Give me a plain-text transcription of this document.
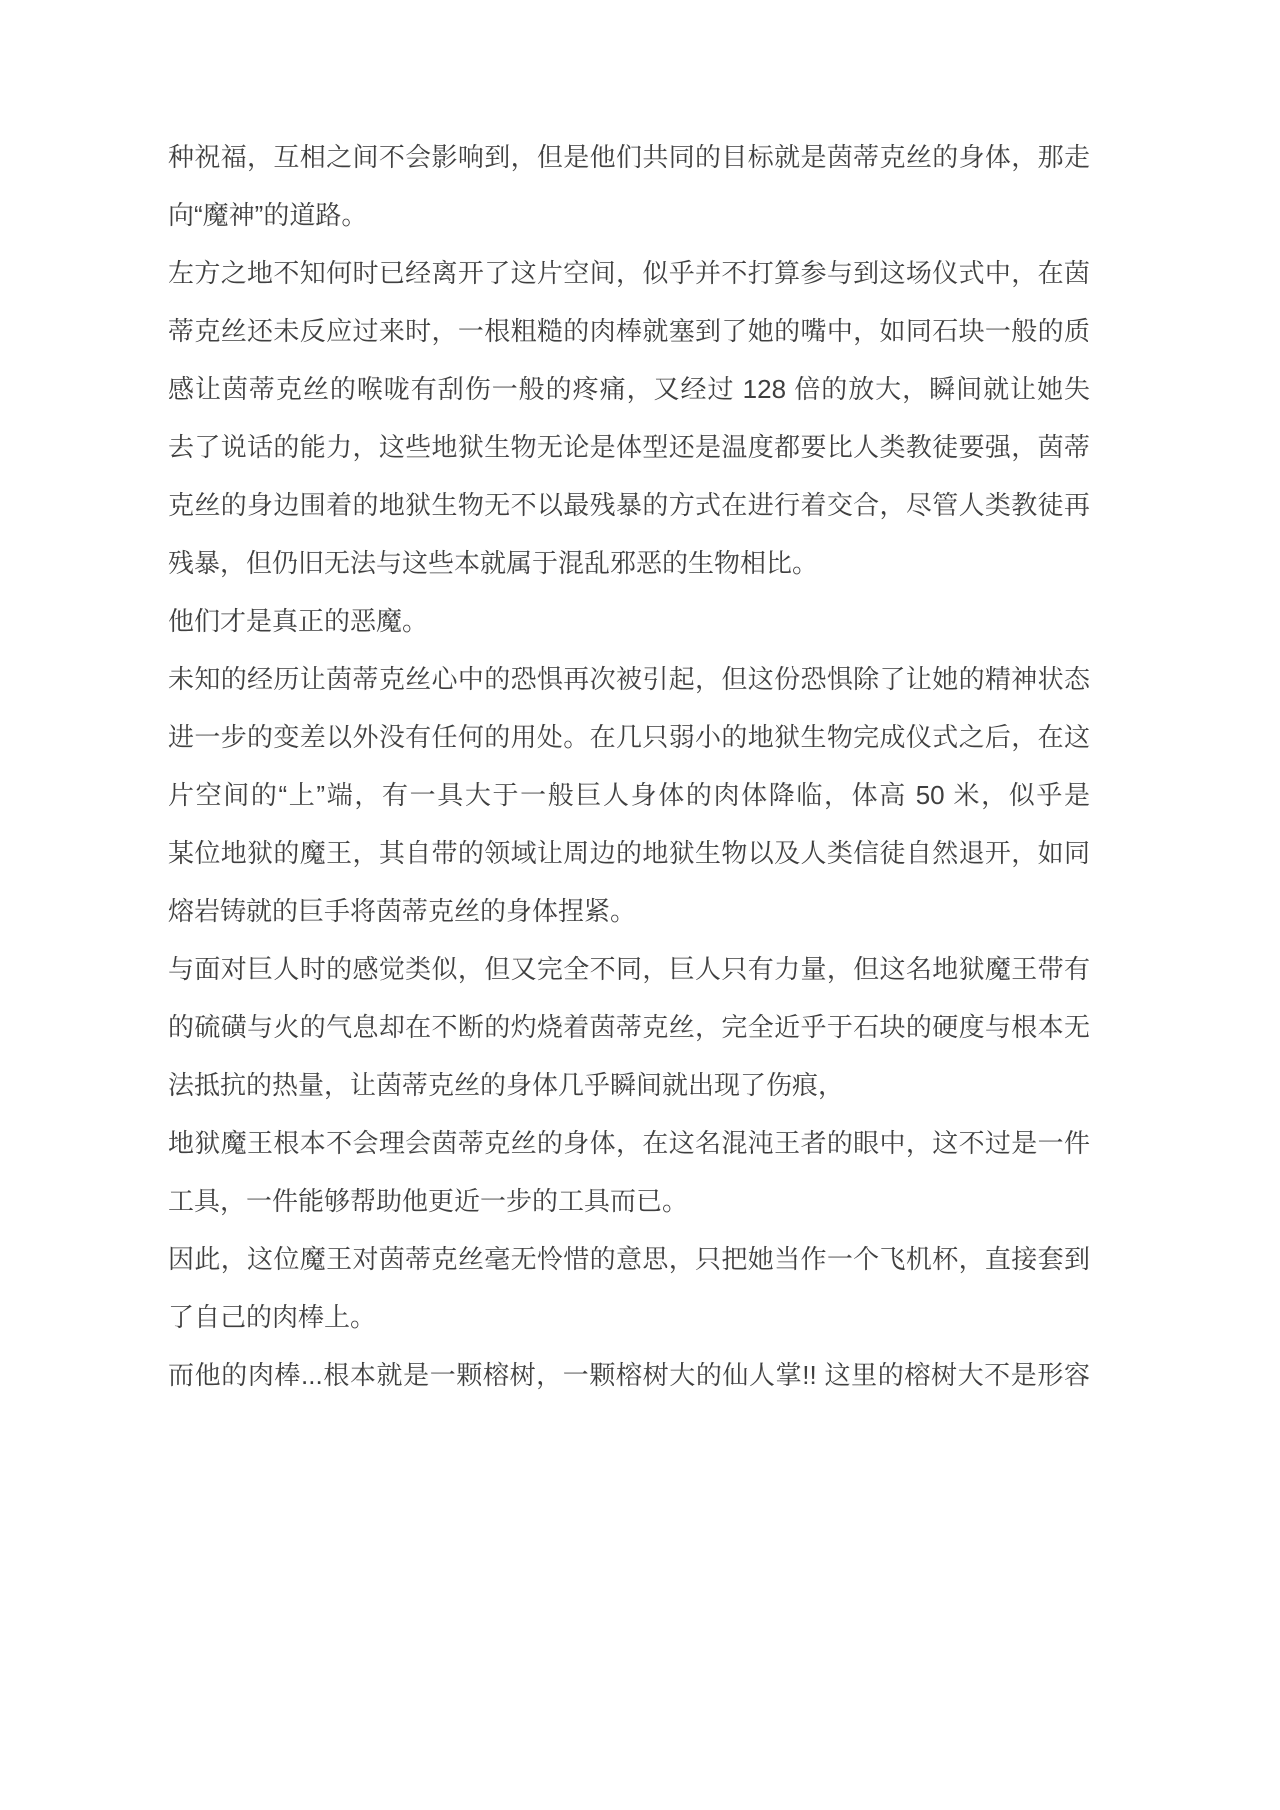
种祝福，互相之间不会影响到，但是他们共同的目标就是茵蒂克丝的身体，那走
向“魔神”的道路。
左方之地不知何时已经离开了这片空间，似乎并不打算参与到这场仪式中，在茵
蒂克丝还未反应过来时，一根粗糙的肉棒就塞到了她的嘴中，如同石块一般的质
感让茵蒂克丝的喉咙有刮伤一般的疼痛，又经过 128 倍的放大，瞬间就让她失
去了说话的能力，这些地狱生物无论是体型还是温度都要比人类教徒要强，茵蒂
克丝的身边围着的地狱生物无不以最残暴的方式在进行着交合，尽管人类教徒再
残暴，但仍旧无法与这些本就属于混乱邪恶的生物相比。
他们才是真正的恶魔。
未知的经历让茵蒂克丝心中的恐惧再次被引起，但这份恐惧除了让她的精神状态
进一步的变差以外没有任何的用处。在几只弱小的地狱生物完成仪式之后，在这
片空间的“上”端，有一具大于一般巨人身体的肉体降临，体高 50 米，似乎是
某位地狱的魔王，其自带的领域让周边的地狱生物以及人类信徒自然退开，如同
熔岩铸就的巨手将茵蒂克丝的身体捏紧。
与面对巨人时的感觉类似，但又完全不同，巨人只有力量，但这名地狱魔王带有
的硫磺与火的气息却在不断的灼烧着茵蒂克丝，完全近乎于石块的硬度与根本无
法抵抗的热量，让茵蒂克丝的身体几乎瞬间就出现了伤痕，
地狱魔王根本不会理会茵蒂克丝的身体，在这名混沌王者的眼中，这不过是一件
工具，一件能够帮助他更近一步的工具而已。
因此，这位魔王对茵蒂克丝毫无怜惜的意思，只把她当作一个飞机杯，直接套到
了自己的肉棒上。
而他的肉棒...根本就是一颗榕树，一颗榕树大的仙人掌!! 这里的榕树大不是形容
